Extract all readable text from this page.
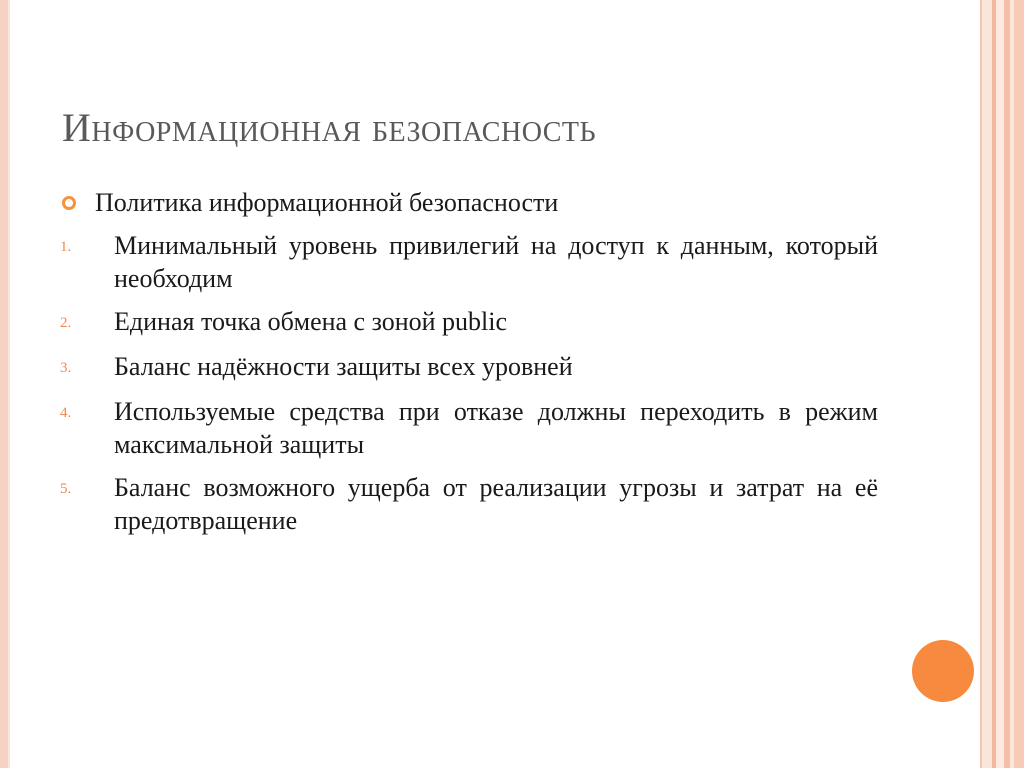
Информационная безопасность
Политика информационной безопасности
1.	Минимальный уровень привилегий на доступ к данным, который необходим
2.	Единая точка обмена с зоной public
3.	Баланс надёжности защиты всех уровней
4.	Используемые средства при отказе должны переходить в режим максимальной защиты
5.	Баланс возможного ущерба от реализации угрозы и затрат на её предотвращение
